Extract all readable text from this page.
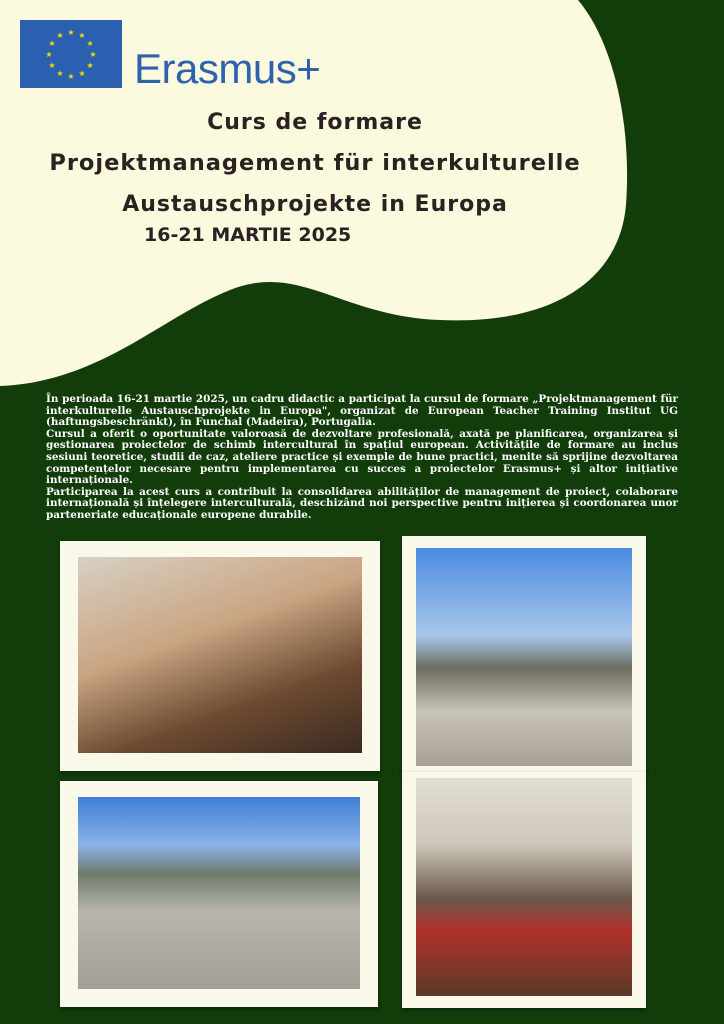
★ ★
★
★
★
★
★
★
★
★
★
★
Erasmus+
Curs de formare
Projektmanagement für interkulturelle
Austauschprojekte in Europa
16-21 MARTIE 2025

În perioada 16-21 martie 2025, un cadru didactic a participat la cursul de formare „Projektmanagement für interkulturelle Austauschprojekte in Europa", organizat de European Teacher Training Institut UG (haftungsbeschränkt), în Funchal (Madeira), Portugalia.

Cursul a oferit o oportunitate valoroasă de dezvoltare profesională, axată pe planificarea, organizarea și gestionarea proiectelor de schimb intercultural în spațiul european. Activitățile de formare au inclus sesiuni teoretice, studii de caz, ateliere practice și exemple de bune practici, menite să sprijine dezvoltarea competențelor necesare pentru implementarea cu succes a proiectelor Erasmus+ și altor inițiative internaționale.

Participarea la acest curs a contribuit la consolidarea abilităților de management de proiect, colaborare internațională și înțelegere interculturală, deschizând noi perspective pentru inițierea și coordonarea unor parteneriate educaționale europene durabile.
